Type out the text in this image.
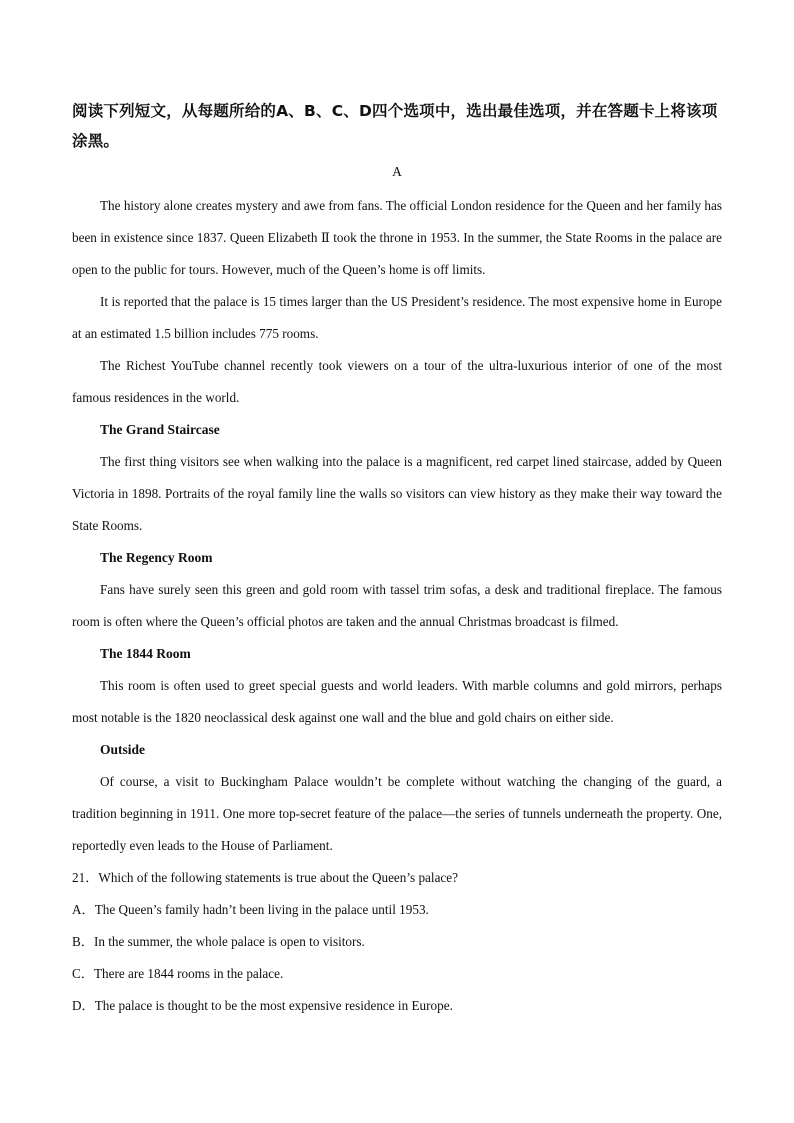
阅读下列短文，从每题所给的A、B、C、D四个选项中，选出最佳选项，并在答题卡上将该项涂黑。

A

The history alone creates mystery and awe from fans. The official London residence for the Queen and her family has been in existence since 1837. Queen Elizabeth Ⅱ took the throne in 1953. In the summer, the State Rooms in the palace are open to the public for tours. However, much of the Queen’s home is off limits.

It is reported that the palace is 15 times larger than the US President’s residence. The most expensive home in Europe at an estimated 1.5 billion includes 775 rooms.

The Richest YouTube channel recently took viewers on a tour of the ultra-luxurious interior of one of the most famous residences in the world.

The Grand Staircase

The first thing visitors see when walking into the palace is a magnificent, red carpet lined staircase, added by Queen Victoria in 1898. Portraits of the royal family line the walls so visitors can view history as they make their way toward the State Rooms.

The Regency Room

Fans have surely seen this green and gold room with tassel trim sofas, a desk and traditional fireplace. The famous room is often where the Queen’s official photos are taken and the annual Christmas broadcast is filmed.

The 1844 Room

This room is often used to greet special guests and world leaders. With marble columns and gold mirrors, perhaps most notable is the 1820 neoclassical desk against one wall and the blue and gold chairs on either side.

Outside

Of course, a visit to Buckingham Palace wouldn’t be complete without watching the changing of the guard, a tradition beginning in 1911. One more top-secret feature of the palace—the series of tunnels underneath the property. One, reportedly even leads to the House of Parliament.

21．Which of the following statements is true about the Queen’s palace?

A．The Queen’s family hadn’t been living in the palace until 1953.

B．In the summer, the whole palace is open to visitors.

C．There are 1844 rooms in the palace.

D．The palace is thought to be the most expensive residence in Europe.
